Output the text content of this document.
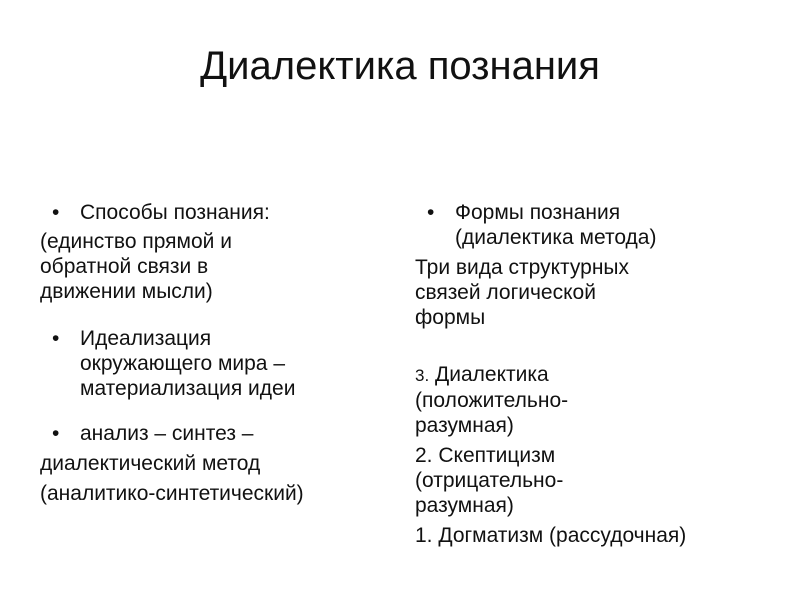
Диалектика познания
• Способы познания:
(единство прямой и
обратной связи в
движении мысли)
• Идеализация
окружающего мира –
материализация идеи
• анализ – синтез –
диалектический метод
(аналитико-синтетический)
• Формы познания
(диалектика метода)
Три вида структурных
связей логической
формы
3. Диалектика
(положительно-
разумная)
2. Скептицизм
(отрицательно-
разумная)
1. Догматизм (рассудочная)
